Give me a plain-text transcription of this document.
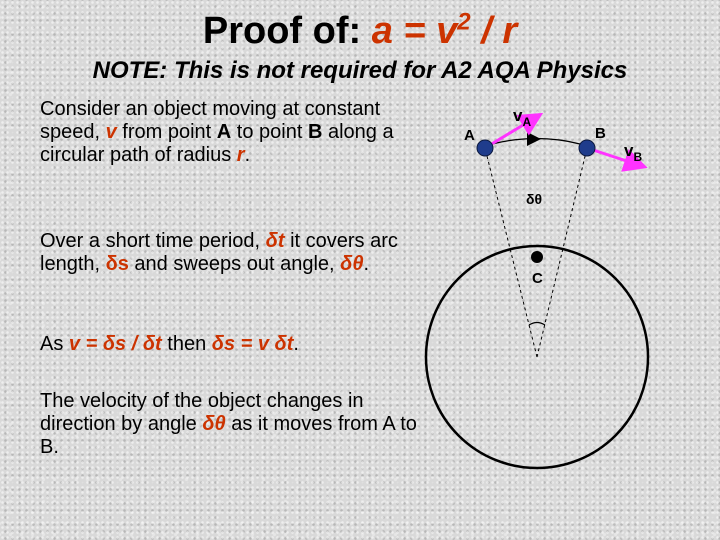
Proof of: $a = v^2 / r$
NOTE: This is not required for A2 AQA Physics
Consider an object moving at constant speed, v from point A to point B along a circular path of radius r.
Over a short time period, δt it covers arc length, δs and sweeps out angle, δθ.
As v = δs / δt then δs = v δt.
The velocity of the object changes in direction by angle δθ as it moves from A to B.
A	B
C
δθ
$v_A$
$v_B$
